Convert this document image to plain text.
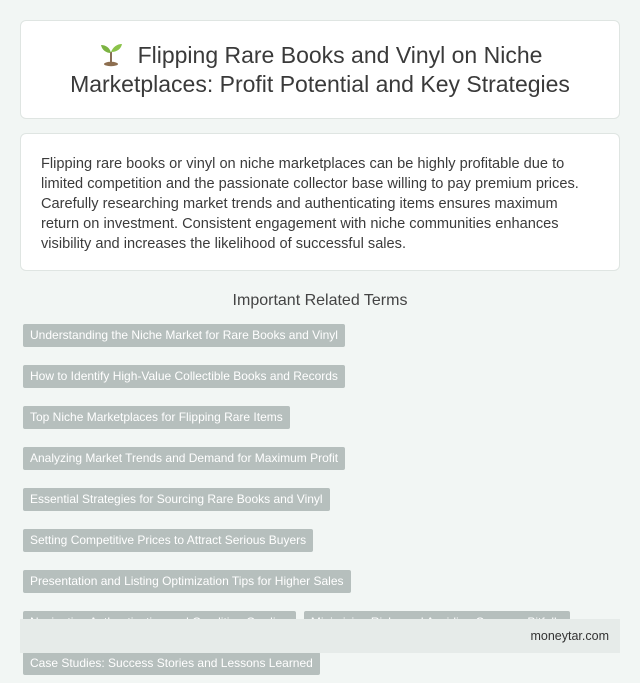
Flipping Rare Books and Vinyl on Niche Marketplaces: Profit Potential and Key Strategies

Flipping rare books or vinyl on niche marketplaces can be highly profitable due to limited competition and the passionate collector base willing to pay premium prices. Carefully researching market trends and authenticating items ensures maximum return on investment. Consistent engagement with niche communities enhances visibility and increases the likelihood of successful sales.

Important Related Terms
Understanding the Niche Market for Rare Books and Vinyl
How to Identify High-Value Collectible Books and Records
Top Niche Marketplaces for Flipping Rare Items
Analyzing Market Trends and Demand for Maximum Profit
Essential Strategies for Sourcing Rare Books and Vinyl
Setting Competitive Prices to Attract Serious Buyers
Presentation and Listing Optimization Tips for Higher Sales
Case Studies: Success Stories and Lessons Learned
moneytar.com
